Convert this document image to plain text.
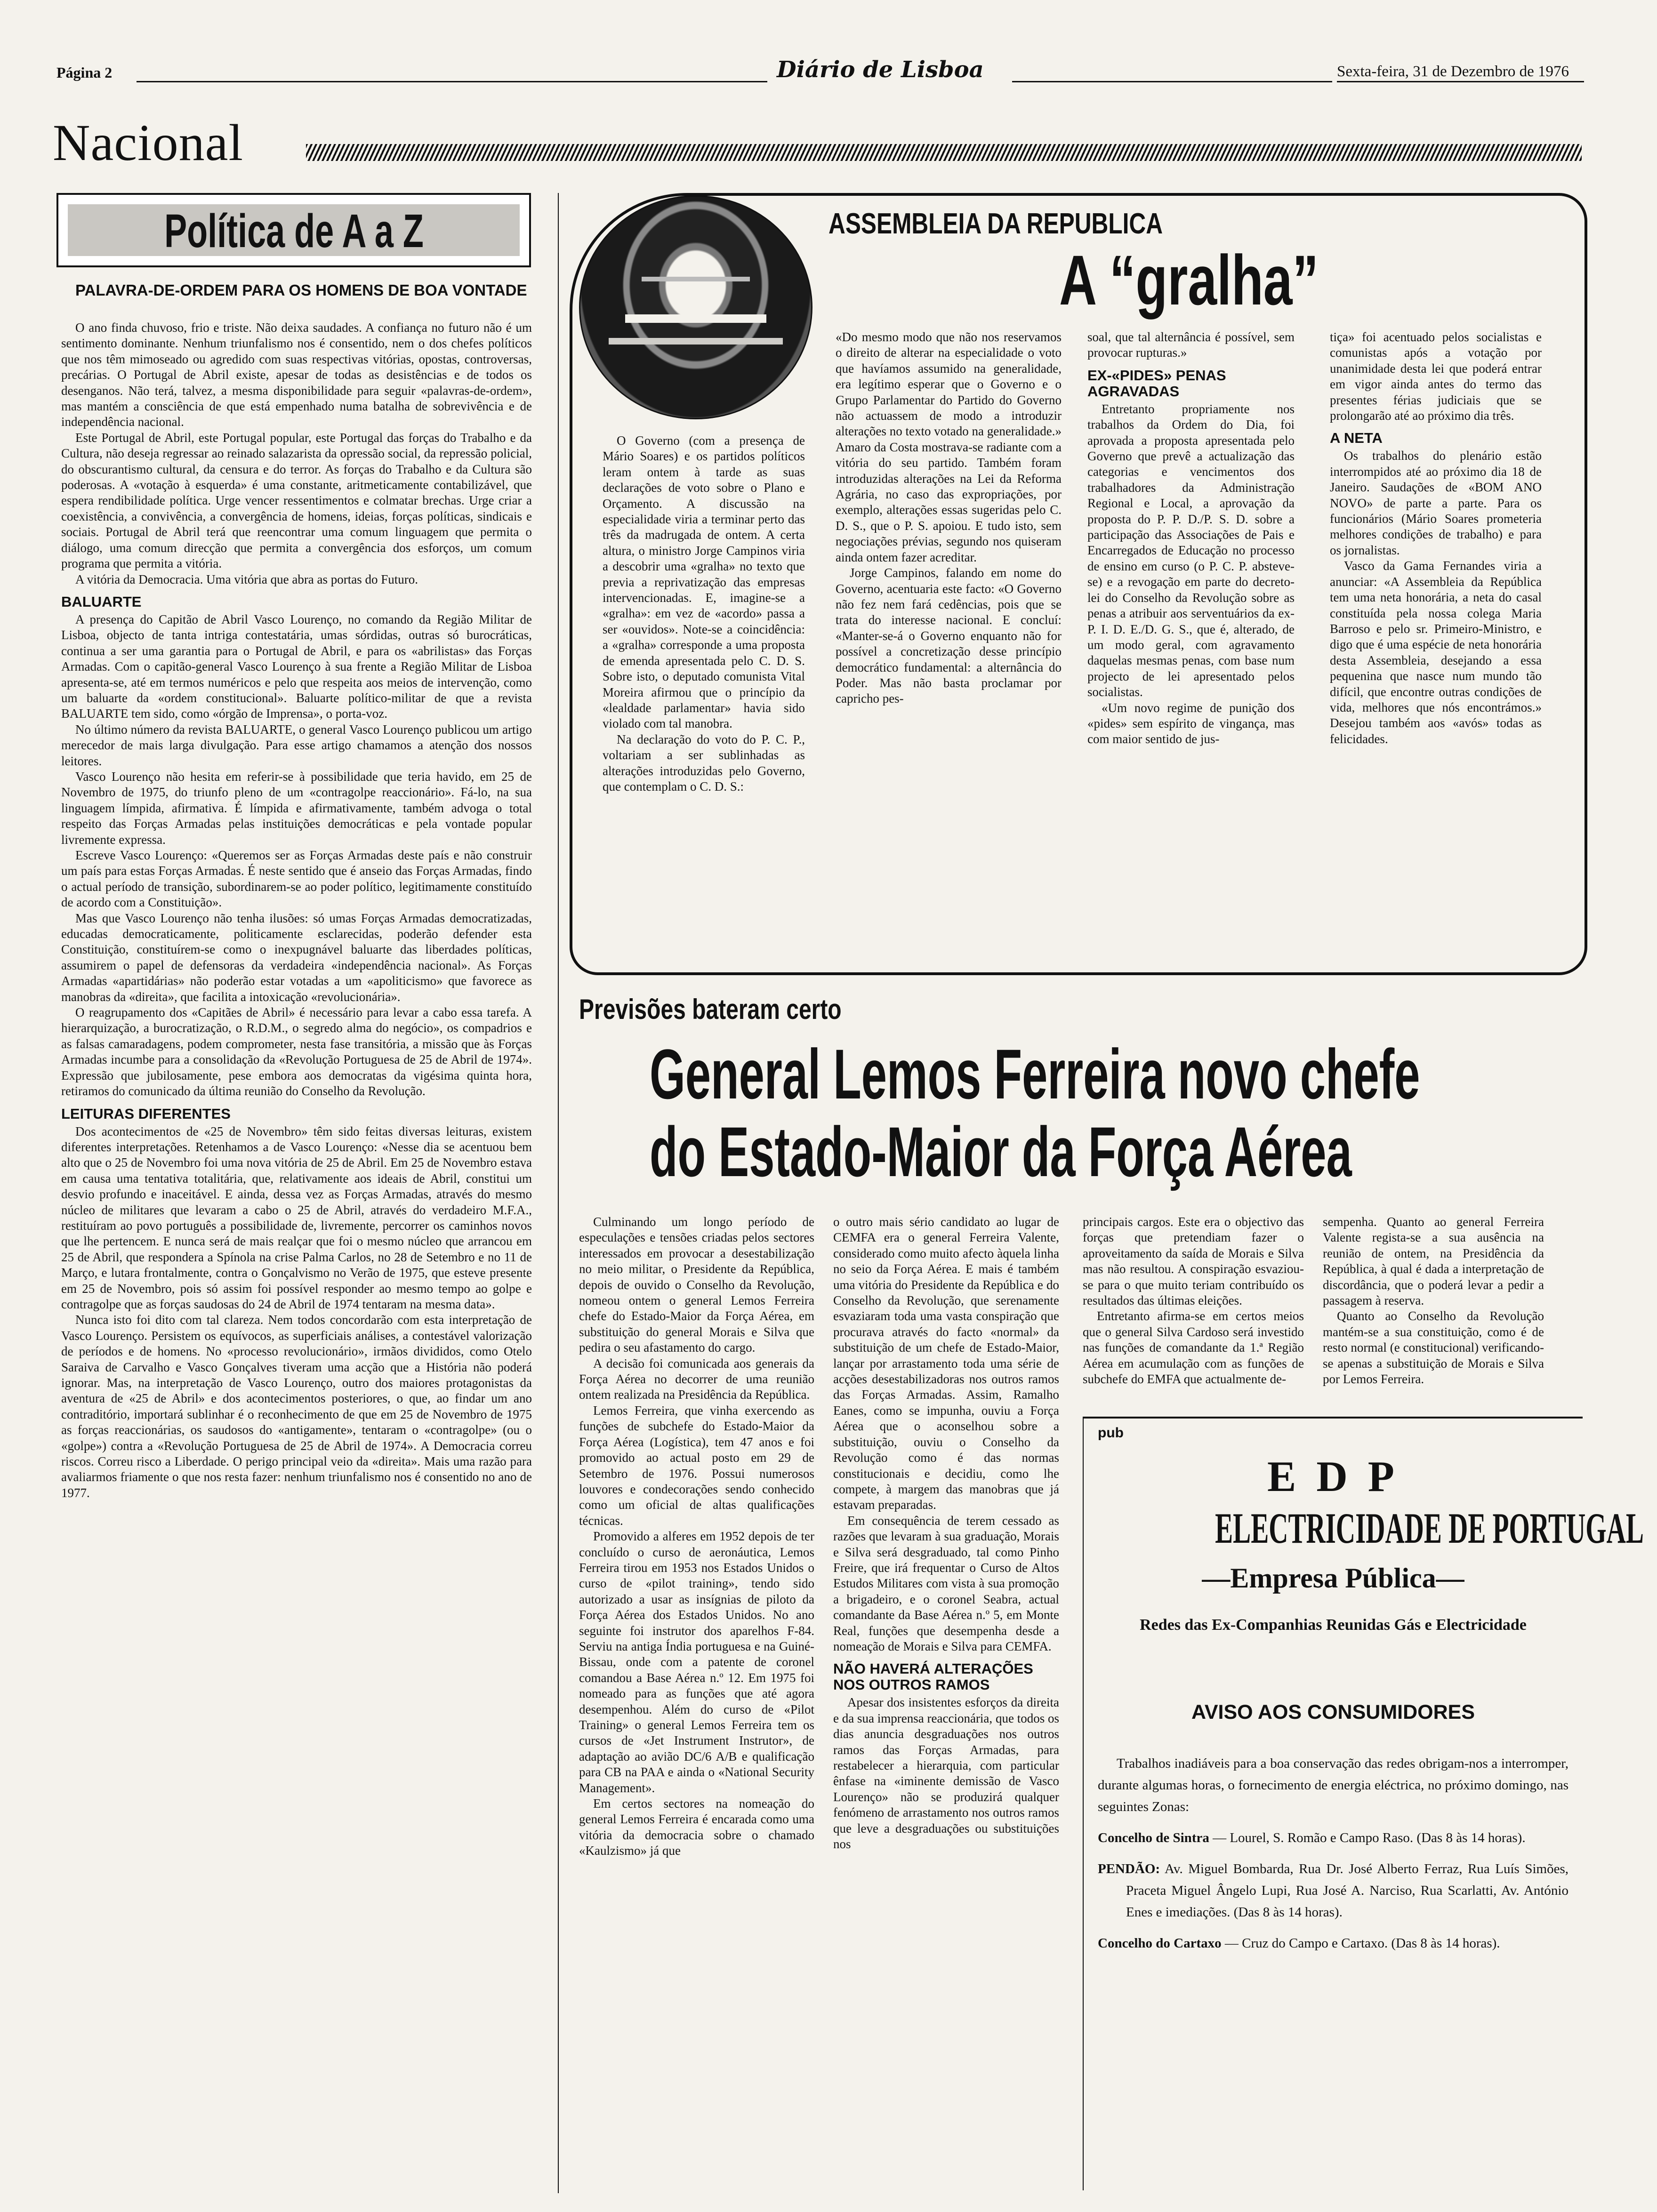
Página 2	Diário de Lisboa	Sexta-feira, 31 de Dezembro de 1976
Nacional
Política de A a Z
PALAVRA-DE-ORDEM PARA OS HOMENS DE BOA VONTADE

O ano finda chuvoso, frio e triste. Não deixa saudades. A confiança no futuro não é um sentimento dominante. Nenhum triunfalismo nos é consentido, nem o dos chefes políticos que nos têm mimoseado ou agredido com suas respectivas vitórias, opostas, controversas, precárias. O Portugal de Abril existe, apesar de todas as desistências e de todos os desenganos. Não terá, talvez, a mesma disponibilidade para seguir «palavras-de-ordem», mas mantém a consciência de que está empenhado numa batalha de sobrevivência e de independência nacional.

Este Portugal de Abril, este Portugal popular, este Portugal das forças do Trabalho e da Cultura, não deseja regressar ao reinado salazarista da opressão social, da repressão policial, do obscurantismo cultural, da censura e do terror. As forças do Trabalho e da Cultura são poderosas. A «votação à esquerda» é uma constante, aritmeticamente contabilizável, que espera rendibilidade política. Urge vencer ressentimentos e colmatar brechas. Urge criar a coexistência, a convivência, a convergência de homens, ideias, forças políticas, sindicais e sociais. Portugal de Abril terá que reencontrar uma comum linguagem que permita o diálogo, uma comum direcção que permita a convergência dos esforços, um comum programa que permita a vitória.

A vitória da Democracia. Uma vitória que abra as portas do Futuro.

BALUARTE

A presença do Capitão de Abril Vasco Lourenço, no comando da Região Militar de Lisboa, objecto de tanta intriga contestatária, umas sórdidas, outras só burocráticas, continua a ser uma garantia para o Portugal de Abril, e para os «abrilistas» das Forças Armadas. Com o capitão-general Vasco Lourenço à sua frente a Região Militar de Lisboa apresenta-se, até em termos numéricos e pelo que respeita aos meios de intervenção, como um baluarte da «ordem constitucional». Baluarte político-militar de que a revista BALUARTE tem sido, como «órgão de Imprensa», o porta-voz.

No último número da revista BALUARTE, o general Vasco Lourenço publicou um artigo merecedor de mais larga divulgação. Para esse artigo chamamos a atenção dos nossos leitores.

Vasco Lourenço não hesita em referir-se à possibilidade que teria havido, em 25 de Novembro de 1975, do triunfo pleno de um «contragolpe reaccionário». Fá-lo, na sua linguagem límpida, afirmativa. É límpida e afirmativamente, também advoga o total respeito das Forças Armadas pelas instituições democráticas e pela vontade popular livremente expressa.

Escreve Vasco Lourenço: «Queremos ser as Forças Armadas deste país e não construir um país para estas Forças Armadas. É neste sentido que é anseio das Forças Armadas, findo o actual período de transição, subordinarem-se ao poder político, legitimamente constituído de acordo com a Constituição».

Mas que Vasco Lourenço não tenha ilusões: só umas Forças Armadas democratizadas, educadas democraticamente, politicamente esclarecidas, poderão defender esta Constituição, constituírem-se como o inexpugnável baluarte das liberdades políticas, assumirem o papel de defensoras da verdadeira «independência nacional». As Forças Armadas «apartidárias» não poderão estar votadas a um «apoliticismo» que favorece as manobras da «direita», que facilita a intoxicação «revolucionária».

O reagrupamento dos «Capitães de Abril» é necessário para levar a cabo essa tarefa. A hierarquização, a burocratização, o R.D.M., o segredo alma do negócio», os compadrios e as falsas camaradagens, podem comprometer, nesta fase transitória, a missão que às Forças Armadas incumbe para a consolidação da «Revolução Portuguesa de 25 de Abril de 1974». Expressão que jubilosamente, pese embora aos democratas da vigésima quinta hora, retiramos do comunicado da última reunião do Conselho da Revolução.

LEITURAS DIFERENTES

Dos acontecimentos de «25 de Novembro» têm sido feitas diversas leituras, existem diferentes interpretações. Retenhamos a de Vasco Lourenço: «Nesse dia se acentuou bem alto que o 25 de Novembro foi uma nova vitória de 25 de Abril. Em 25 de Novembro estava em causa uma tentativa totalitária, que, relativamente aos ideais de Abril, constitui um desvio profundo e inaceitável. E ainda, dessa vez as Forças Armadas, através do mesmo núcleo de militares que levaram a cabo o 25 de Abril, através do verdadeiro M.F.A., restituíram ao povo português a possibilidade de, livremente, percorrer os caminhos novos que lhe pertencem. E nunca será de mais realçar que foi o mesmo núcleo que arrancou em 25 de Abril, que respondera a Spínola na crise Palma Carlos, no 28 de Setembro e no 11 de Março, e lutara frontalmente, contra o Gonçalvismo no Verão de 1975, que esteve presente em 25 de Novembro, pois só assim foi possível responder ao mesmo tempo ao golpe e contragolpe que as forças saudosas do 24 de Abril de 1974 tentaram na mesma data».

Nunca isto foi dito com tal clareza. Nem todos concordarão com esta interpretação de Vasco Lourenço. Persistem os equívocos, as superficiais análises, a contestável valorização de períodos e de homens. No «processo revolucionário», irmãos divididos, como Otelo Saraiva de Carvalho e Vasco Gonçalves tiveram uma acção que a História não poderá ignorar. Mas, na interpretação de Vasco Lourenço, outro dos maiores protagonistas da aventura de «25 de Abril» e dos acontecimentos posteriores, o que, ao findar um ano contraditório, importará sublinhar é o reconhecimento de que em 25 de Novembro de 1975 as forças reaccionárias, os saudosos do «antigamente», tentaram o «contragolpe» (ou o «golpe») contra a «Revolução Portuguesa de 25 de Abril de 1974». A Democracia correu riscos. Correu risco a Liberdade. O perigo principal veio da «direita». Mais uma razão para avaliarmos friamente o que nos resta fazer: nenhum triunfalismo nos é consentido no ano de 1977.

ASSEMBLEIA DA REPUBLICA
A “gralha”

O Governo (com a presença de Mário Soares) e os partidos políticos leram ontem à tarde as suas declarações de voto sobre o Plano e Orçamento. A discussão na especialidade viria a terminar perto das três da madrugada de ontem. A certa altura, o ministro Jorge Campinos viria a descobrir uma «gralha» no texto que previa a reprivatização das empresas intervencionadas. E, imagine-se a «gralha»: em vez de «acordo» passa a ser «ouvidos». Note-se a coincidência: a «gralha» corresponde a uma proposta de emenda apresentada pelo C. D. S. Sobre isto, o deputado comunista Vital Moreira afirmou que o princípio da «lealdade parlamentar» havia sido violado com tal manobra.

Na declaração do voto do P. C. P., voltariam a ser sublinhadas as alterações introduzidas pelo Governo, que contemplam o C. D. S.:

«Do mesmo modo que não nos reservamos o direito de alterar na especialidade o voto que havíamos assumido na generalidade, era legítimo esperar que o Governo e o Grupo Parlamentar do Partido do Governo não actuassem de modo a introduzir alterações no texto votado na generalidade.» Amaro da Costa mostrava-se radiante com a vitória do seu partido. Também foram introduzidas alterações na Lei da Reforma Agrária, no caso das expropriações, por exemplo, alterações essas sugeridas pelo C. D. S., que o P. S. apoiou. E tudo isto, sem negociações prévias, segundo nos quiseram ainda ontem fazer acreditar.

Jorge Campinos, falando em nome do Governo, acentuaria este facto: «O Governo não fez nem fará cedências, pois que se trata do interesse nacional. E concluí: «Manter-se-á o Governo enquanto não for possível a concretização desse princípio democrático fundamental: a alternância do Poder. Mas não basta proclamar por capricho pes-

soal, que tal alternância é possível, sem provocar rupturas.»

EX-«PIDES» PENAS AGRAVADAS

Entretanto propriamente nos trabalhos da Ordem do Dia, foi aprovada a proposta apresentada pelo Governo que prevê a actualização das categorias e vencimentos dos trabalhadores da Administração Regional e Local, a aprovação da proposta do P. P. D./P. S. D. sobre a participação das Associações de Pais e Encarregados de Educação no processo de ensino em curso (o P. C. P. absteve-se) e a revogação em parte do decreto-lei do Conselho da Revolução sobre as penas a atribuir aos serventuários da ex-P. I. D. E./D. G. S., que é, alterado, de um modo geral, com agravamento daquelas mesmas penas, com base num projecto de lei apresentado pelos socialistas.

«Um novo regime de punição dos «pides» sem espírito de vingança, mas com maior sentido de jus-

tiça» foi acentuado pelos socialistas e comunistas após a votação por unanimidade desta lei que poderá entrar em vigor ainda antes do termo das presentes férias judiciais que se prolongarão até ao próximo dia três.

A NETA

Os trabalhos do plenário estão interrompidos até ao próximo dia 18 de Janeiro. Saudações de «BOM ANO NOVO» de parte a parte. Para os funcionários (Mário Soares prometeria melhores condições de trabalho) e para os jornalistas.

Vasco da Gama Fernandes viria a anunciar: «A Assembleia da República tem uma neta honorária, a neta do casal constituída pela nossa colega Maria Barroso e pelo sr. Primeiro-Ministro, e digo que é uma espécie de neta honorária desta Assembleia, desejando a essa pequenina que nasce num mundo tão difícil, que encontre outras condições de vida, melhores que nós encontrámos.» Desejou também aos «avós» todas as felicidades.

Previsões bateram certo
General Lemos Ferreira novo chefe
do Estado-Maior da Força Aérea

Culminando um longo período de especulações e tensões criadas pelos sectores interessados em provocar a desestabilização no meio militar, o Presidente da República, depois de ouvido o Conselho da Revolução, nomeou ontem o general Lemos Ferreira chefe do Estado-Maior da Força Aérea, em substituição do general Morais e Silva que pedira o seu afastamento do cargo.

A decisão foi comunicada aos generais da Força Aérea no decorrer de uma reunião ontem realizada na Presidência da República.

Lemos Ferreira, que vinha exercendo as funções de subchefe do Estado-Maior da Força Aérea (Logística), tem 47 anos e foi promovido ao actual posto em 29 de Setembro de 1976. Possui numerosos louvores e condecorações sendo conhecido como um oficial de altas qualificações técnicas.

Promovido a alferes em 1952 depois de ter concluído o curso de aeronáutica, Lemos Ferreira tirou em 1953 nos Estados Unidos o curso de «pilot training», tendo sido autorizado a usar as insígnias de piloto da Força Aérea dos Estados Unidos. No ano seguinte foi instrutor dos aparelhos F-84. Serviu na antiga Índia portuguesa e na Guiné-Bissau, onde com a patente de coronel comandou a Base Aérea n.º 12. Em 1975 foi nomeado para as funções que até agora desempenhou. Além do curso de «Pilot Training» o general Lemos Ferreira tem os cursos de «Jet Instrument Instrutor», de adaptação ao avião DC/6 A/B e qualificação para CB na PAA e ainda o «National Security Management».

Em certos sectores na nomeação do general Lemos Ferreira é encarada como uma vitória da democracia sobre o chamado «Kaulzismo» já que

o outro mais sério candidato ao lugar de CEMFA era o general Ferreira Valente, considerado como muito afecto àquela linha no seio da Força Aérea. E mais é também uma vitória do Presidente da República e do Conselho da Revolução, que serenamente esvaziaram toda uma vasta conspiração que procurava através do facto «normal» da substituição de um chefe de Estado-Maior, lançar por arrastamento toda uma série de acções desestabilizadoras nos outros ramos das Forças Armadas. Assim, Ramalho Eanes, como se impunha, ouviu a Força Aérea que o aconselhou sobre a substituição, ouviu o Conselho da Revolução como é das normas constitucionais e decidiu, como lhe compete, à margem das manobras que já estavam preparadas.

Em consequência de terem cessado as razões que levaram à sua graduação, Morais e Silva será desgraduado, tal como Pinho Freire, que irá frequentar o Curso de Altos Estudos Militares com vista à sua promoção a brigadeiro, e o coronel Seabra, actual comandante da Base Aérea n.º 5, em Monte Real, funções que desempenha desde a nomeação de Morais e Silva para CEMFA.

NÃO HAVERÁ ALTERAÇÕES NOS OUTROS RAMOS

Apesar dos insistentes esforços da direita e da sua imprensa reaccionária, que todos os dias anuncia desgraduações nos outros ramos das Forças Armadas, para restabelecer a hierarquia, com particular ênfase na «iminente demissão de Vasco Lourenço» não se produzirá qualquer fenómeno de arrastamento nos outros ramos que leve a desgraduações ou substituições nos

principais cargos. Este era o objectivo das forças que pretendiam fazer o aproveitamento da saída de Morais e Silva mas não resultou. A conspiração esvaziou-se para o que muito teriam contribuído os resultados das últimas eleições.

Entretanto afirma-se em certos meios que o general Silva Cardoso será investido nas funções de comandante da 1.ª Região Aérea em acumulação com as funções de subchefe do EMFA que actualmente de-

sempenha. Quanto ao general Ferreira Valente regista-se a sua ausência na reunião de ontem, na Presidência da República, à qual é dada a interpretação de discordância, que o poderá levar a pedir a passagem à reserva.

Quanto ao Conselho da Revolução mantém-se a sua constituição, como é de resto normal (e constitucional) verificando-se apenas a substituição de Morais e Silva por Lemos Ferreira.

pub
E D P
ELECTRICIDADE DE PORTUGAL
—Empresa Pública—
Redes das Ex-Companhias Reunidas Gás e Electricidade
AVISO AOS CONSUMIDORES

Trabalhos inadiáveis para a boa conservação das redes obrigam-nos a interromper, durante algumas horas, o fornecimento de energia eléctrica, no próximo domingo, nas seguintes Zonas:

Concelho de Sintra — Lourel, S. Romão e Campo Raso. (Das 8 às 14 horas).

PENDÃO: Av. Miguel Bombarda, Rua Dr. José Alberto Ferraz, Rua Luís Simões, Praceta Miguel Ângelo Lupi, Rua José A. Narciso, Rua Scarlatti, Av. António Enes e imediações. (Das 8 às 14 horas).

Concelho do Cartaxo — Cruz do Campo e Cartaxo. (Das 8 às 14 horas).
